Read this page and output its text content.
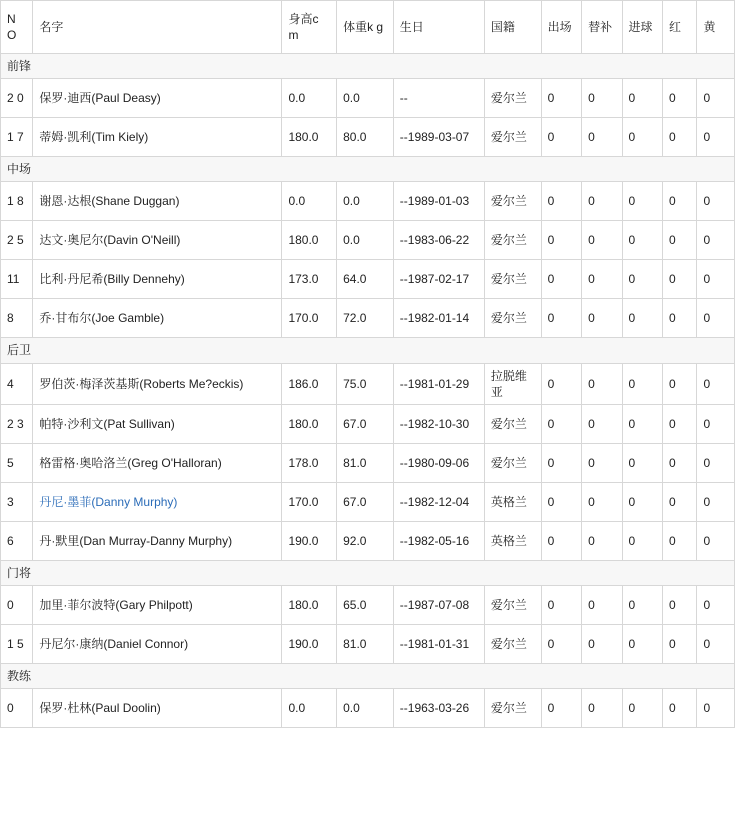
N O	名字	身高c m	体重k g	生日	国籍	出场	替补	进球	红	黄
前锋										
2 0	保罗·迪西(Paul Deasy)	0.0	0.0	--	爱尔兰	0	0	0	0	0
1 7	蒂姆·凯利(Tim Kiely)	180.0	80.0	--1989-03-07	爱尔兰	0	0	0	0	0
中场										
1 8	谢恩·达根(Shane Duggan)	0.0	0.0	--1989-01-03	爱尔兰	0	0	0	0	0
2 5	达文·奥尼尔(Davin O'Neill)	180.0	0.0	--1983-06-22	爱尔兰	0	0	0	0	0
11	比利·丹尼希(Billy Dennehy)	173.0	64.0	--1987-02-17	爱尔兰	0	0	0	0	0
8	乔·甘布尔(Joe Gamble)	170.0	72.0	--1982-01-14	爱尔兰	0	0	0	0	0
后卫										
4	罗伯茨·梅泽茨基斯(Roberts Me?eckis)	186.0	75.0	--1981-01-29	拉脱维亚	0	0	0	0	0
2 3	帕特·沙利文(Pat Sullivan)	180.0	67.0	--1982-10-30	爱尔兰	0	0	0	0	0
5	格雷格·奥哈洛兰(Greg O'Halloran)	178.0	81.0	--1980-09-06	爱尔兰	0	0	0	0	0
3	丹尼·墨菲(Danny Murphy)	170.0	67.0	--1982-12-04	英格兰	0	0	0	0	0
6	丹·默里(Dan Murray-Danny Murphy)	190.0	92.0	--1982-05-16	英格兰	0	0	0	0	0
门将										
0	加里·菲尔波特(Gary Philpott)	180.0	65.0	--1987-07-08	爱尔兰	0	0	0	0	0
1 5	丹尼尔·康纳(Daniel Connor)	190.0	81.0	--1981-01-31	爱尔兰	0	0	0	0	0
教练										
0	保罗·杜林(Paul Doolin)	0.0	0.0	--1963-03-26	爱尔兰	0	0	0	0	0
